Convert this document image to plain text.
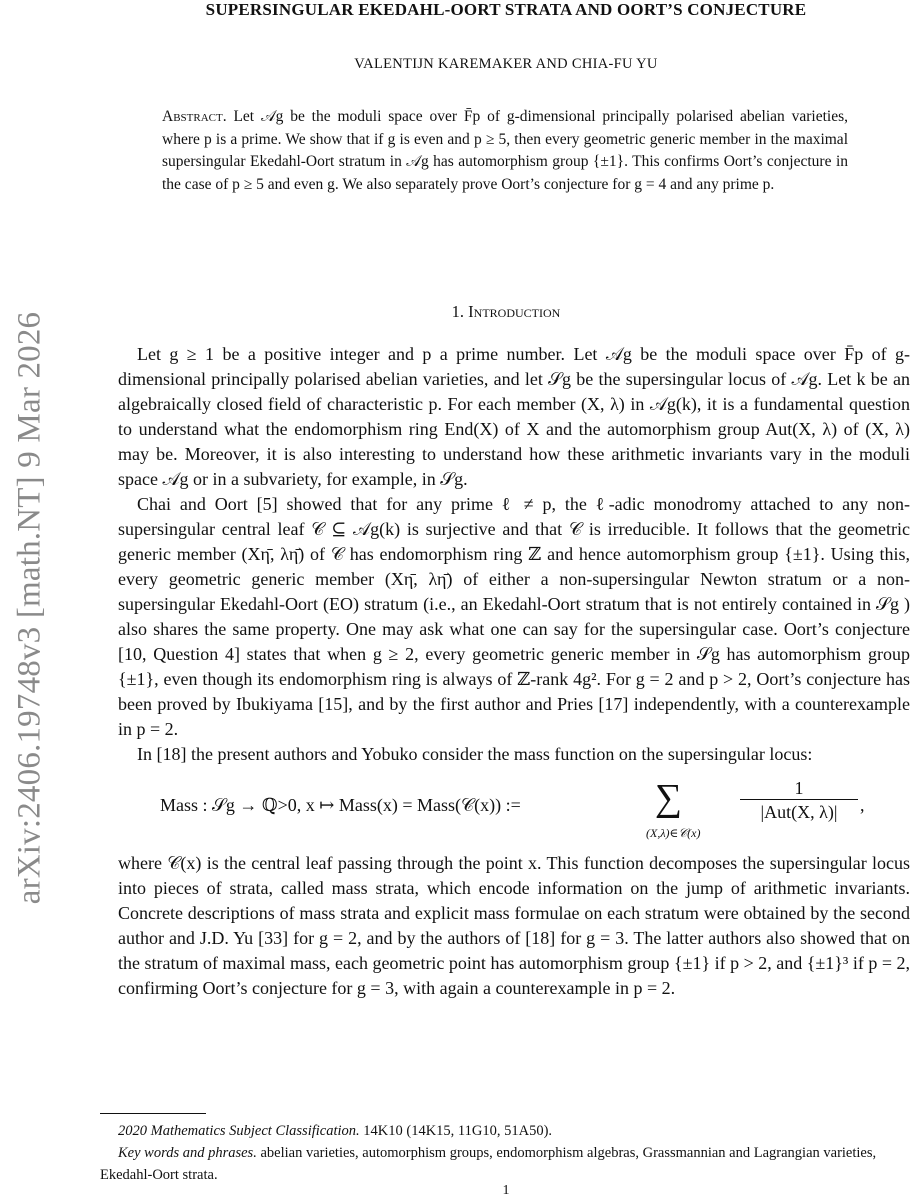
arXiv:2406.19748v3 [math.NT] 9 Mar 2026
SUPERSINGULAR EKEDAHL-OORT STRATA AND OORT’S CONJECTURE
VALENTIJN KAREMAKER AND CHIA-FU YU
Abstract. Let 𝒜g be the moduli space over F̄p of g-dimensional principally polarised abelian varieties, where p is a prime. We show that if g is even and p ≥ 5, then every geometric generic member in the maximal supersingular Ekedahl-Oort stratum in 𝒜g has automorphism group {±1}. This confirms Oort’s conjecture in the case of p ≥ 5 and even g. We also separately prove Oort’s conjecture for g = 4 and any prime p.
1. Introduction

Let g ≥ 1 be a positive integer and p a prime number. Let 𝒜g be the moduli space over F̄p of g-dimensional principally polarised abelian varieties, and let 𝒮g be the supersingular locus of 𝒜g. Let k be an algebraically closed field of characteristic p. For each member (X, λ) in 𝒜g(k), it is a fundamental question to understand what the endomorphism ring End(X) of X and the automorphism group Aut(X, λ) of (X, λ) may be. Moreover, it is also interesting to understand how these arithmetic invariants vary in the moduli space 𝒜g or in a subvariety, for example, in 𝒮g.

Chai and Oort [5] showed that for any prime ℓ ≠ p, the ℓ-adic monodromy attached to any non-supersingular central leaf 𝒞 ⊆ 𝒜g(k) is surjective and that 𝒞 is irreducible. It follows that the geometric generic member (Xη̄, λη̄) of 𝒞 has endomorphism ring ℤ and hence automorphism group {±1}. Using this, every geometric generic member (Xη̄, λη̄) of either a non-supersingular Newton stratum or a non-supersingular Ekedahl-Oort (EO) stratum (i.e., an Ekedahl-Oort stratum that is not entirely contained in 𝒮g ) also shares the same property. One may ask what one can say for the supersingular case. Oort’s conjecture [10, Question 4] states that when g ≥ 2, every geometric generic member in 𝒮g has automorphism group {±1}, even though its endomorphism ring is always of ℤ-rank 4g². For g = 2 and p > 2, Oort’s conjecture has been proved by Ibukiyama [15], and by the first author and Pries [17] independently, with a counterexample in p = 2.

In [18] the present authors and Yobuko consider the mass function on the supersingular locus:

Mass : 𝒮g → ℚ>0, x ↦ Mass(x) = Mass(𝒞(x)) :=	∑
(X,λ)∈𝒞(x)
1
|Aut(X, λ)|	,

where 𝒞(x) is the central leaf passing through the point x. This function decomposes the supersingular locus into pieces of strata, called mass strata, which encode information on the jump of arithmetic invariants. Concrete descriptions of mass strata and explicit mass formulae on each stratum were obtained by the second author and J.D. Yu [33] for g = 2, and by the authors of [18] for g = 3. The latter authors also showed that on the stratum of maximal mass, each geometric point has automorphism group {±1} if p > 2, and {±1}³ if p = 2, confirming Oort’s conjecture for g = 3, with again a counterexample in p = 2.

2020 Mathematics Subject Classification. 14K10 (14K15, 11G10, 51A50).

Key words and phrases. abelian varieties, automorphism groups, endomorphism algebras, Grassmannian and Lagrangian varieties, Ekedahl-Oort strata.

1
